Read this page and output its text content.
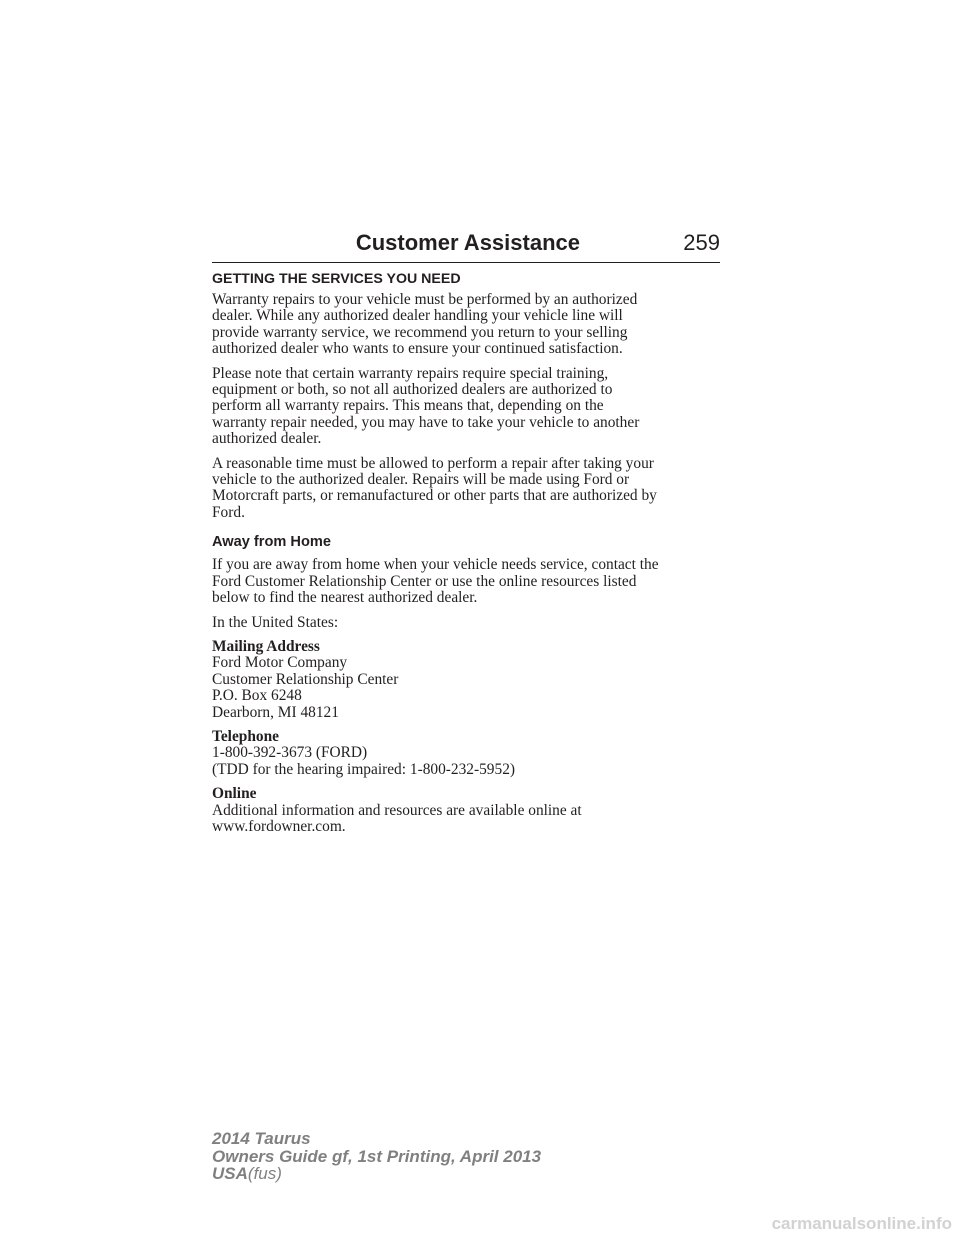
Customer Assistance	259
GETTING THE SERVICES YOU NEED
Warranty repairs to your vehicle must be performed by an authorized
dealer. While any authorized dealer handling your vehicle line will
provide warranty service, we recommend you return to your selling
authorized dealer who wants to ensure your continued satisfaction.
Please note that certain warranty repairs require special training,
equipment or both, so not all authorized dealers are authorized to
perform all warranty repairs. This means that, depending on the
warranty repair needed, you may have to take your vehicle to another
authorized dealer.
A reasonable time must be allowed to perform a repair after taking your
vehicle to the authorized dealer. Repairs will be made using Ford or
Motorcraft parts, or remanufactured or other parts that are authorized by
Ford.
Away from Home
If you are away from home when your vehicle needs service, contact the
Ford Customer Relationship Center or use the online resources listed
below to find the nearest authorized dealer.
In the United States:
Mailing Address
Ford Motor Company
Customer Relationship Center
P.O. Box 6248
Dearborn, MI 48121
Telephone
1-800-392-3673 (FORD)
(TDD for the hearing impaired: 1-800-232-5952)
Online
Additional information and resources are available online at
www.fordowner.com.
2014 Taurus
Owners Guide gf, 1st Printing, April 2013
USA(fus)
carmanualsonline.info
